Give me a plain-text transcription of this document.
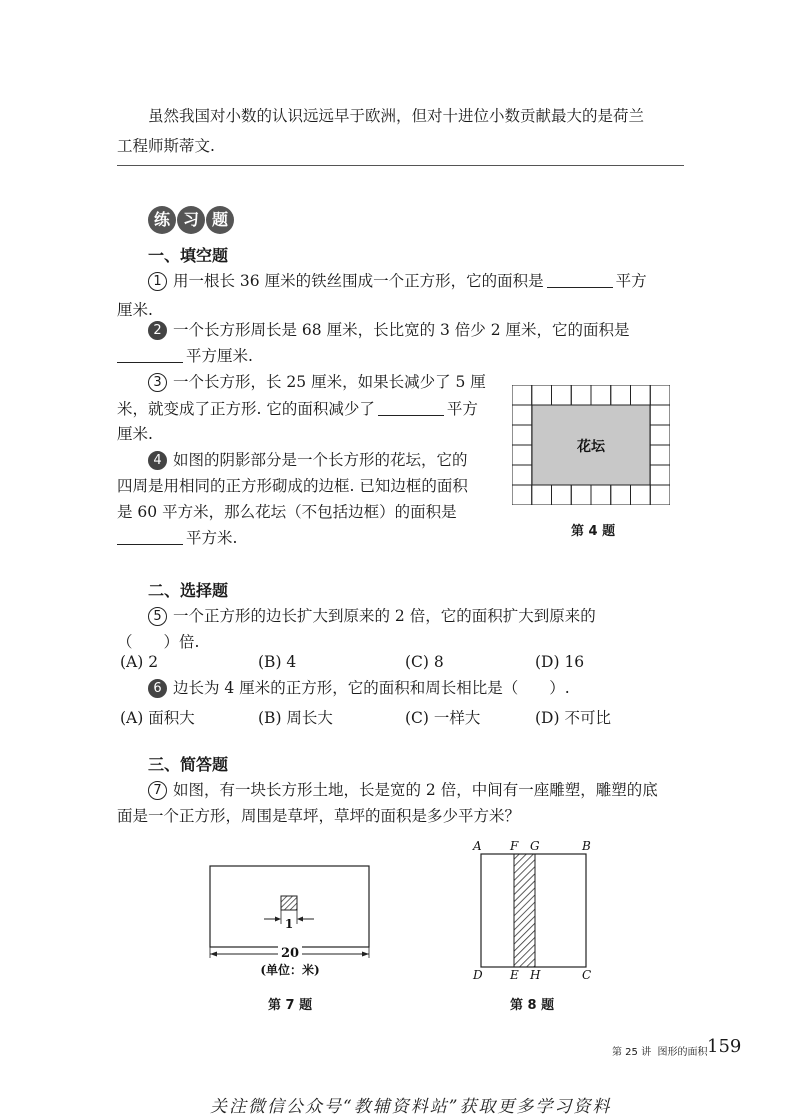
虽然我国对小数的认识远远早于欧洲，但对十进位小数贡献最大的是荷兰
工程师斯蒂文.
练 习 题
一、填空题
1 用一根长 36 厘米的铁丝围成一个正方形，它的面积是	平方
厘米.
2 一个长方形周长是 68 厘米，长比宽的 3 倍少 2 厘米，它的面积是
平方厘米.
3 一个长方形，长 25 厘米，如果长减少了 5 厘
米，就变成了正方形. 它的面积减少了	平方
厘米.
4 如图的阴影部分是一个长方形的花坛，它的
四周是用相同的正方形砌成的边框. 已知边框的面积
是 60 平方米，那么花坛（不包括边框）的面积是
平方米.
花坛
第 4 题
二、选择题
5 一个正方形的边长扩大到原来的 2 倍，它的面积扩大到原来的
（　　）倍.
(A) 2	(B) 4	(C) 8	(D) 16
6 边长为 4 厘米的正方形，它的面积和周长相比是（　　）.
(A) 面积大	(B) 周长大	(C) 一样大	(D) 不可比
三、简答题
7 如图，有一块长方形土地，长是宽的 2 倍，中间有一座雕塑，雕塑的底
面是一个正方形，周围是草坪，草坪的面积是多少平方米？
1
20
(单位：米)
第 7 题
A F G	B
D E H	C
第 8 题
第 25 讲 图形的面积 159
关注微信公众号“教辅资料站”获取更多学习资料
